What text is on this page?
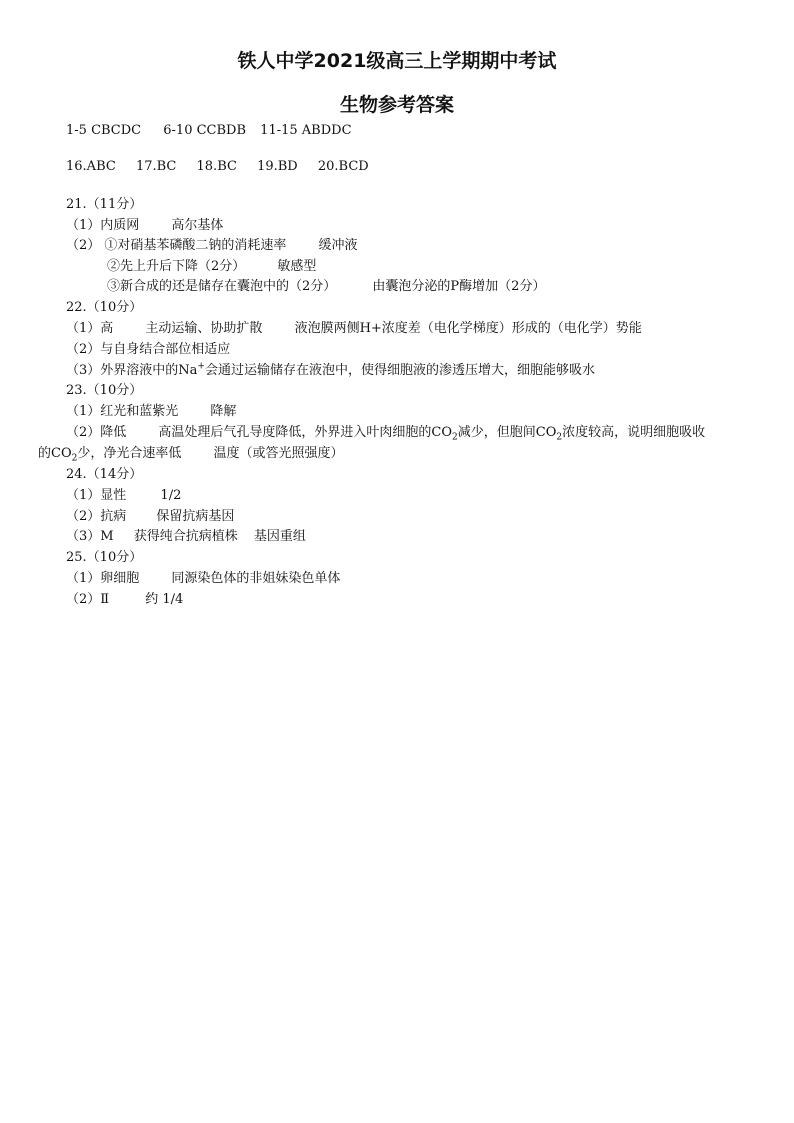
铁人中学2021级高三上学期期中考试
生物参考答案
1-5 CBCDC 6-10 CCBDB 11-15 ABDDC
16.ABC 17.BC 18.BC 19.BD 20.BCD
21.（11分）
（1）内质网 高尔基体
（2） ①对硝基苯磷酸二钠的消耗速率 缓冲液
②先上升后下降（2分） 敏感型
③新合成的还是储存在囊泡中的（2分）	由囊泡分泌的P酶增加（2分）
22.（10分）
（1）高 主动运输、协助扩散 液泡膜两侧H+浓度差（电化学梯度）形成的（电化学）势能
（2）与自身结合部位相适应
（3）外界溶液中的Na+会通过运输储存在液泡中，使得细胞液的渗透压增大，细胞能够吸水
23.（10分）
（1）红光和蓝紫光 降解
（2）降低 高温处理后气孔导度降低，外界进入叶肉细胞的$CO_2$减少，但胞间$CO_2$浓度较高，说明细胞吸收
的$CO_2$少，净光合速率低 温度（或答光照强度）
24.（14分）
（1）显性	1/2
（2）抗病 保留抗病基因
（3）M 获得纯合抗病植株 基因重组
25.（10分）
（1）卵细胞 同源染色体的非姐妹染色单体
（2）Ⅱ	约 1/4
